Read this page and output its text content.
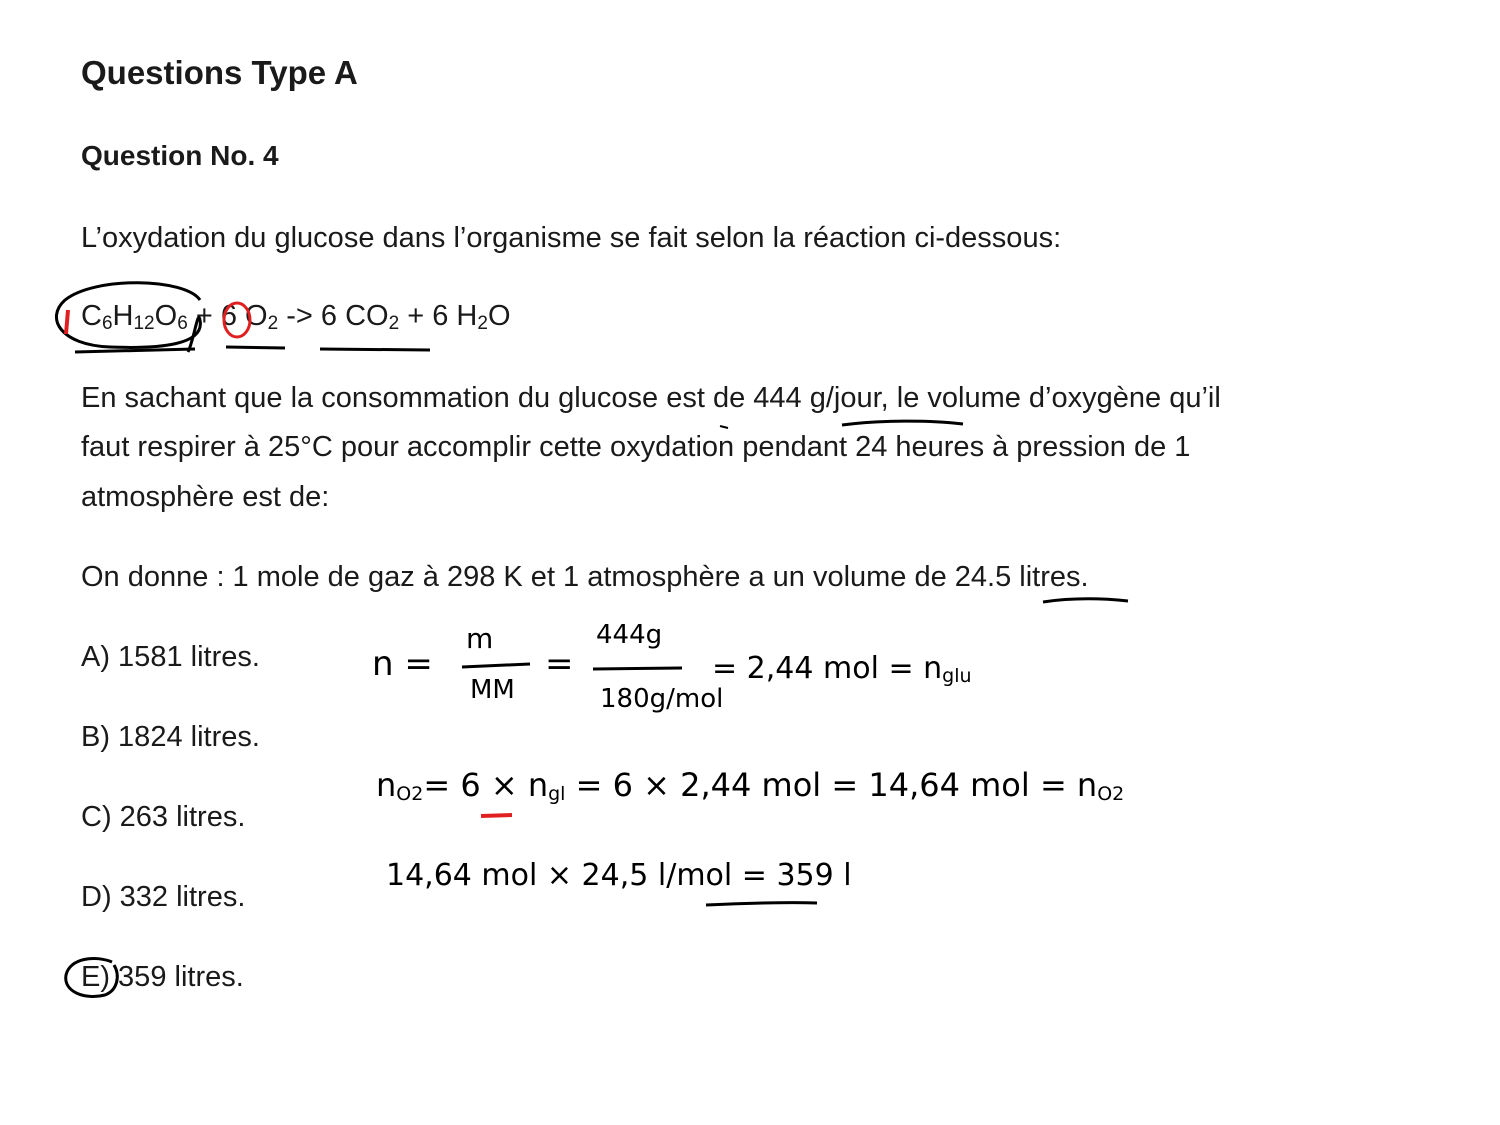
Questions Type A
Question No. 4
L’oxydation du glucose dans l’organisme se fait selon la réaction ci-dessous:
$C_6H_{12}O_6 + 6$ $O_2 -> 6$ $CO_2 + 6$ $H_2O$
En sachant que la consommation du glucose est de 444 g/jour, le volume d’oxygène qu’il
faut respirer à 25°C pour accomplir cette oxydation pendant 24 heures à pression de 1
atmosphère est de:
On donne : 1 mole de gaz à 298 K et 1 atmosphère a un volume de 24.5 litres.
A) 1581 litres.
B) 1824 litres.
C) 263 litres.
D) 332 litres.
E) 359 litres.
n =
m
MM
=
444g
180g/mol
= 2,44 mol = $n_{glu}$
$n_{O2}= 6 \times n_{gl} = 6 \times 2,44$ mol = 14,64 mol = $n_{O2}$
14,64 mol × 24,5 l/mol = 359 l
